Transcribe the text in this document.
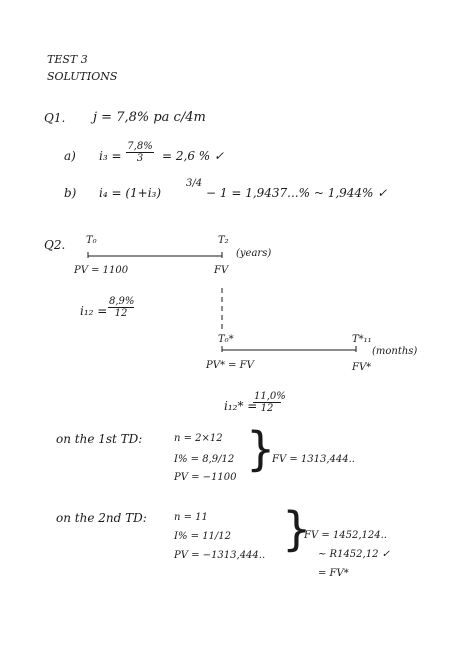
TEST 3
SOLUTIONS
Q1. j = 7,8% pa c/4m
a) $i_3 = \frac{7,8\%}{3} = 2,6$ % ✓
b) i₄ = (1+i₃)
3/4
− 1 = 1,9437...% ~ 1,944% ✓
Q2. T₀	T₂
(years)
PV = 1100	FV
$i_{12} = \frac{8,9\%}{12}$
T₀*	T*₁₁
(months)
PV* = FV	FV*
i₁₂* =
$\frac{11,0\%}{12}$
on the 1st TD:	n = 2×12
I% = 8,9/12
PV = −1100
}
FV = 1313,444..
on the 2nd TD:	n = 11
I% = 11/12
PV = −1313,444.. }
FV = 1452,124..
~ R1452,12 ✓
= FV*
